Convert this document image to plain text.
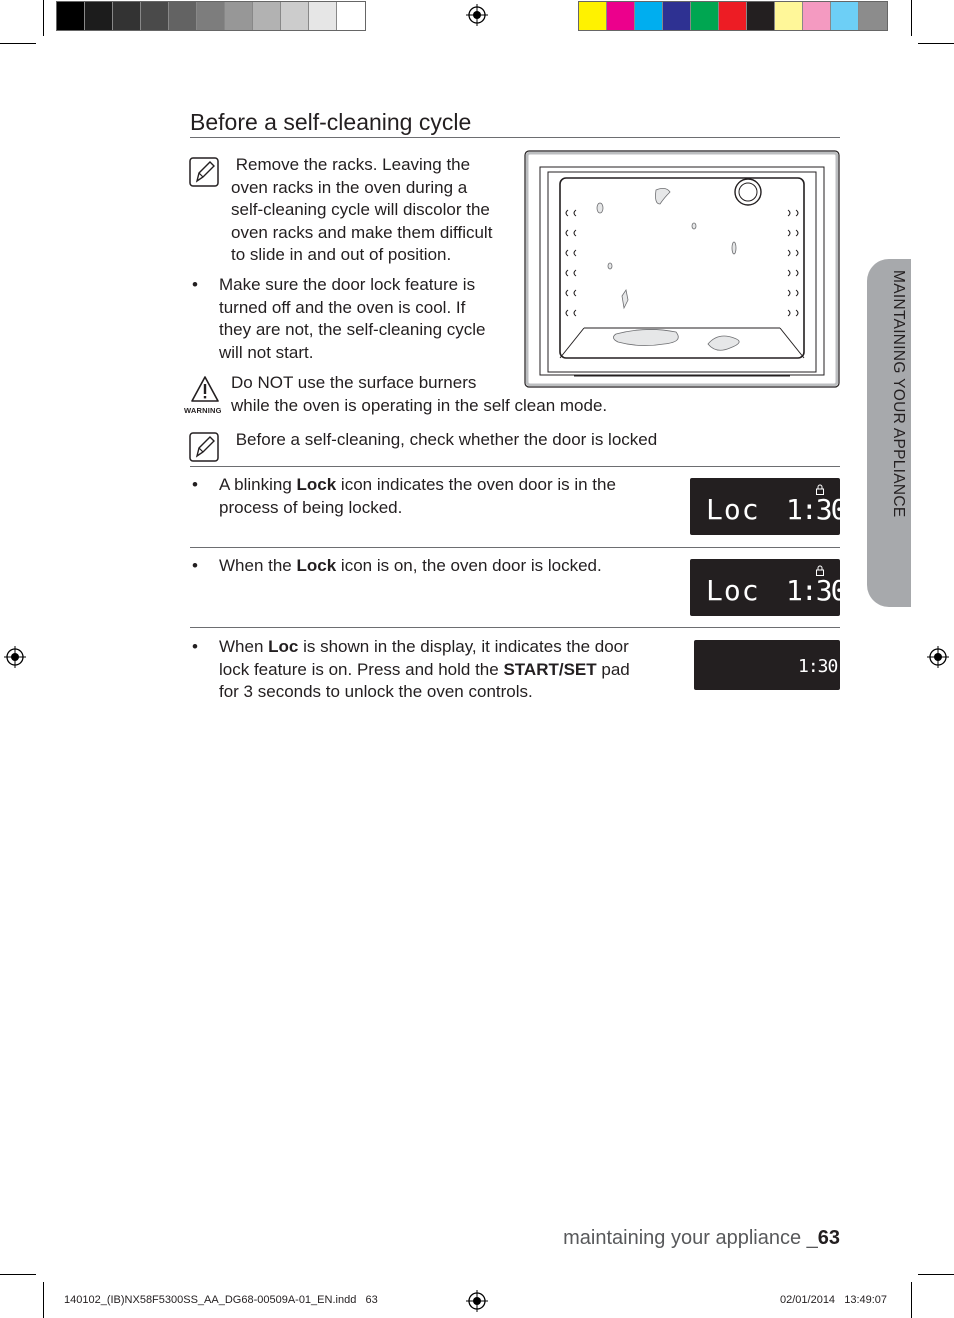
Before a self-cleaning cycle
Remove the racks. Leaving the
oven racks in the oven during a
self-cleaning cycle will discolor the
oven racks and make them difficult
to slide in and out of position.
• Make sure the door lock feature is
turned off and the oven is cool. If
they are not, the self-cleaning cycle
will not start.
WARNING
Do NOT use the surface burners
while the oven is operating in the self clean mode.
Before a self-cleaning, check whether the door is locked
• A blinking Lock icon indicates the oven door is in the
process of being locked.	Loc 1:30
• When the Lock icon is on, the oven door is locked.
Loc 1:30
• When Loc is shown in the display, it indicates the door
lock feature is on. Press and hold the START/SET pad
for 3 seconds to unlock the oven controls.
1:30
MAINTAINING YOUR APPLIANCE
maintaining your appliance _63
140102_(IB)NX58F5300SS_AA_DG68-00509A-01_EN.indd   63	02/01/2014   13:49:07
